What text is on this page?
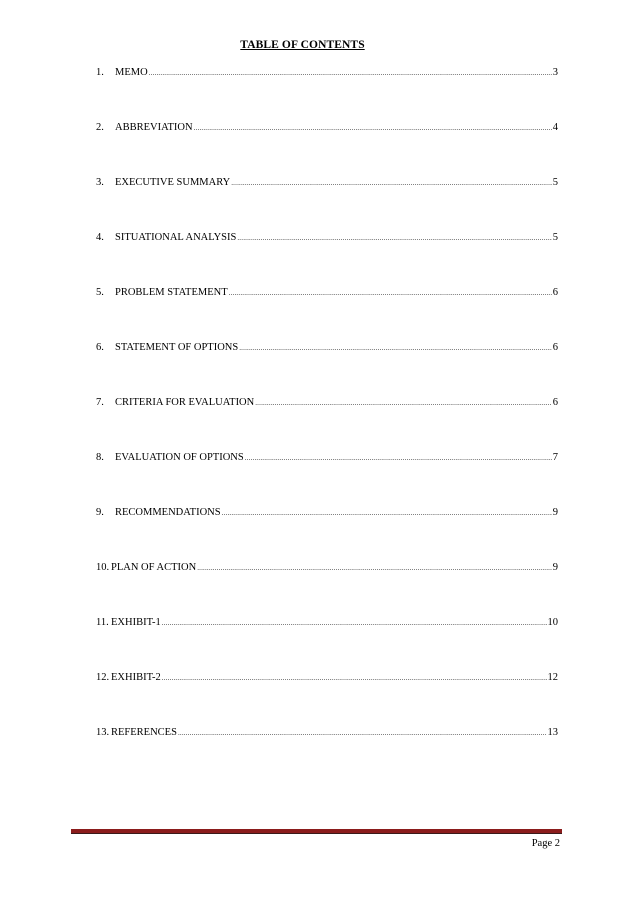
TABLE OF CONTENTS
1.	MEMO .....	3
2.	ABBREVIATION .....	4
3.	EXECUTIVE SUMMARY .....	5
4.	SITUATIONAL ANALYSIS .....	5
5.	PROBLEM STATEMENT .....	6
6.	STATEMENT OF OPTIONS .....	6
7.	CRITERIA FOR EVALUATION .....	6
8.	EVALUATION OF OPTIONS .....	7
9.	RECOMMENDATIONS .....	9
10. PLAN OF ACTION .....	9
11. EXHIBIT-1 .....	10
12. EXHIBIT-2 .....	12
13. REFERENCES .....	13
Page 2
